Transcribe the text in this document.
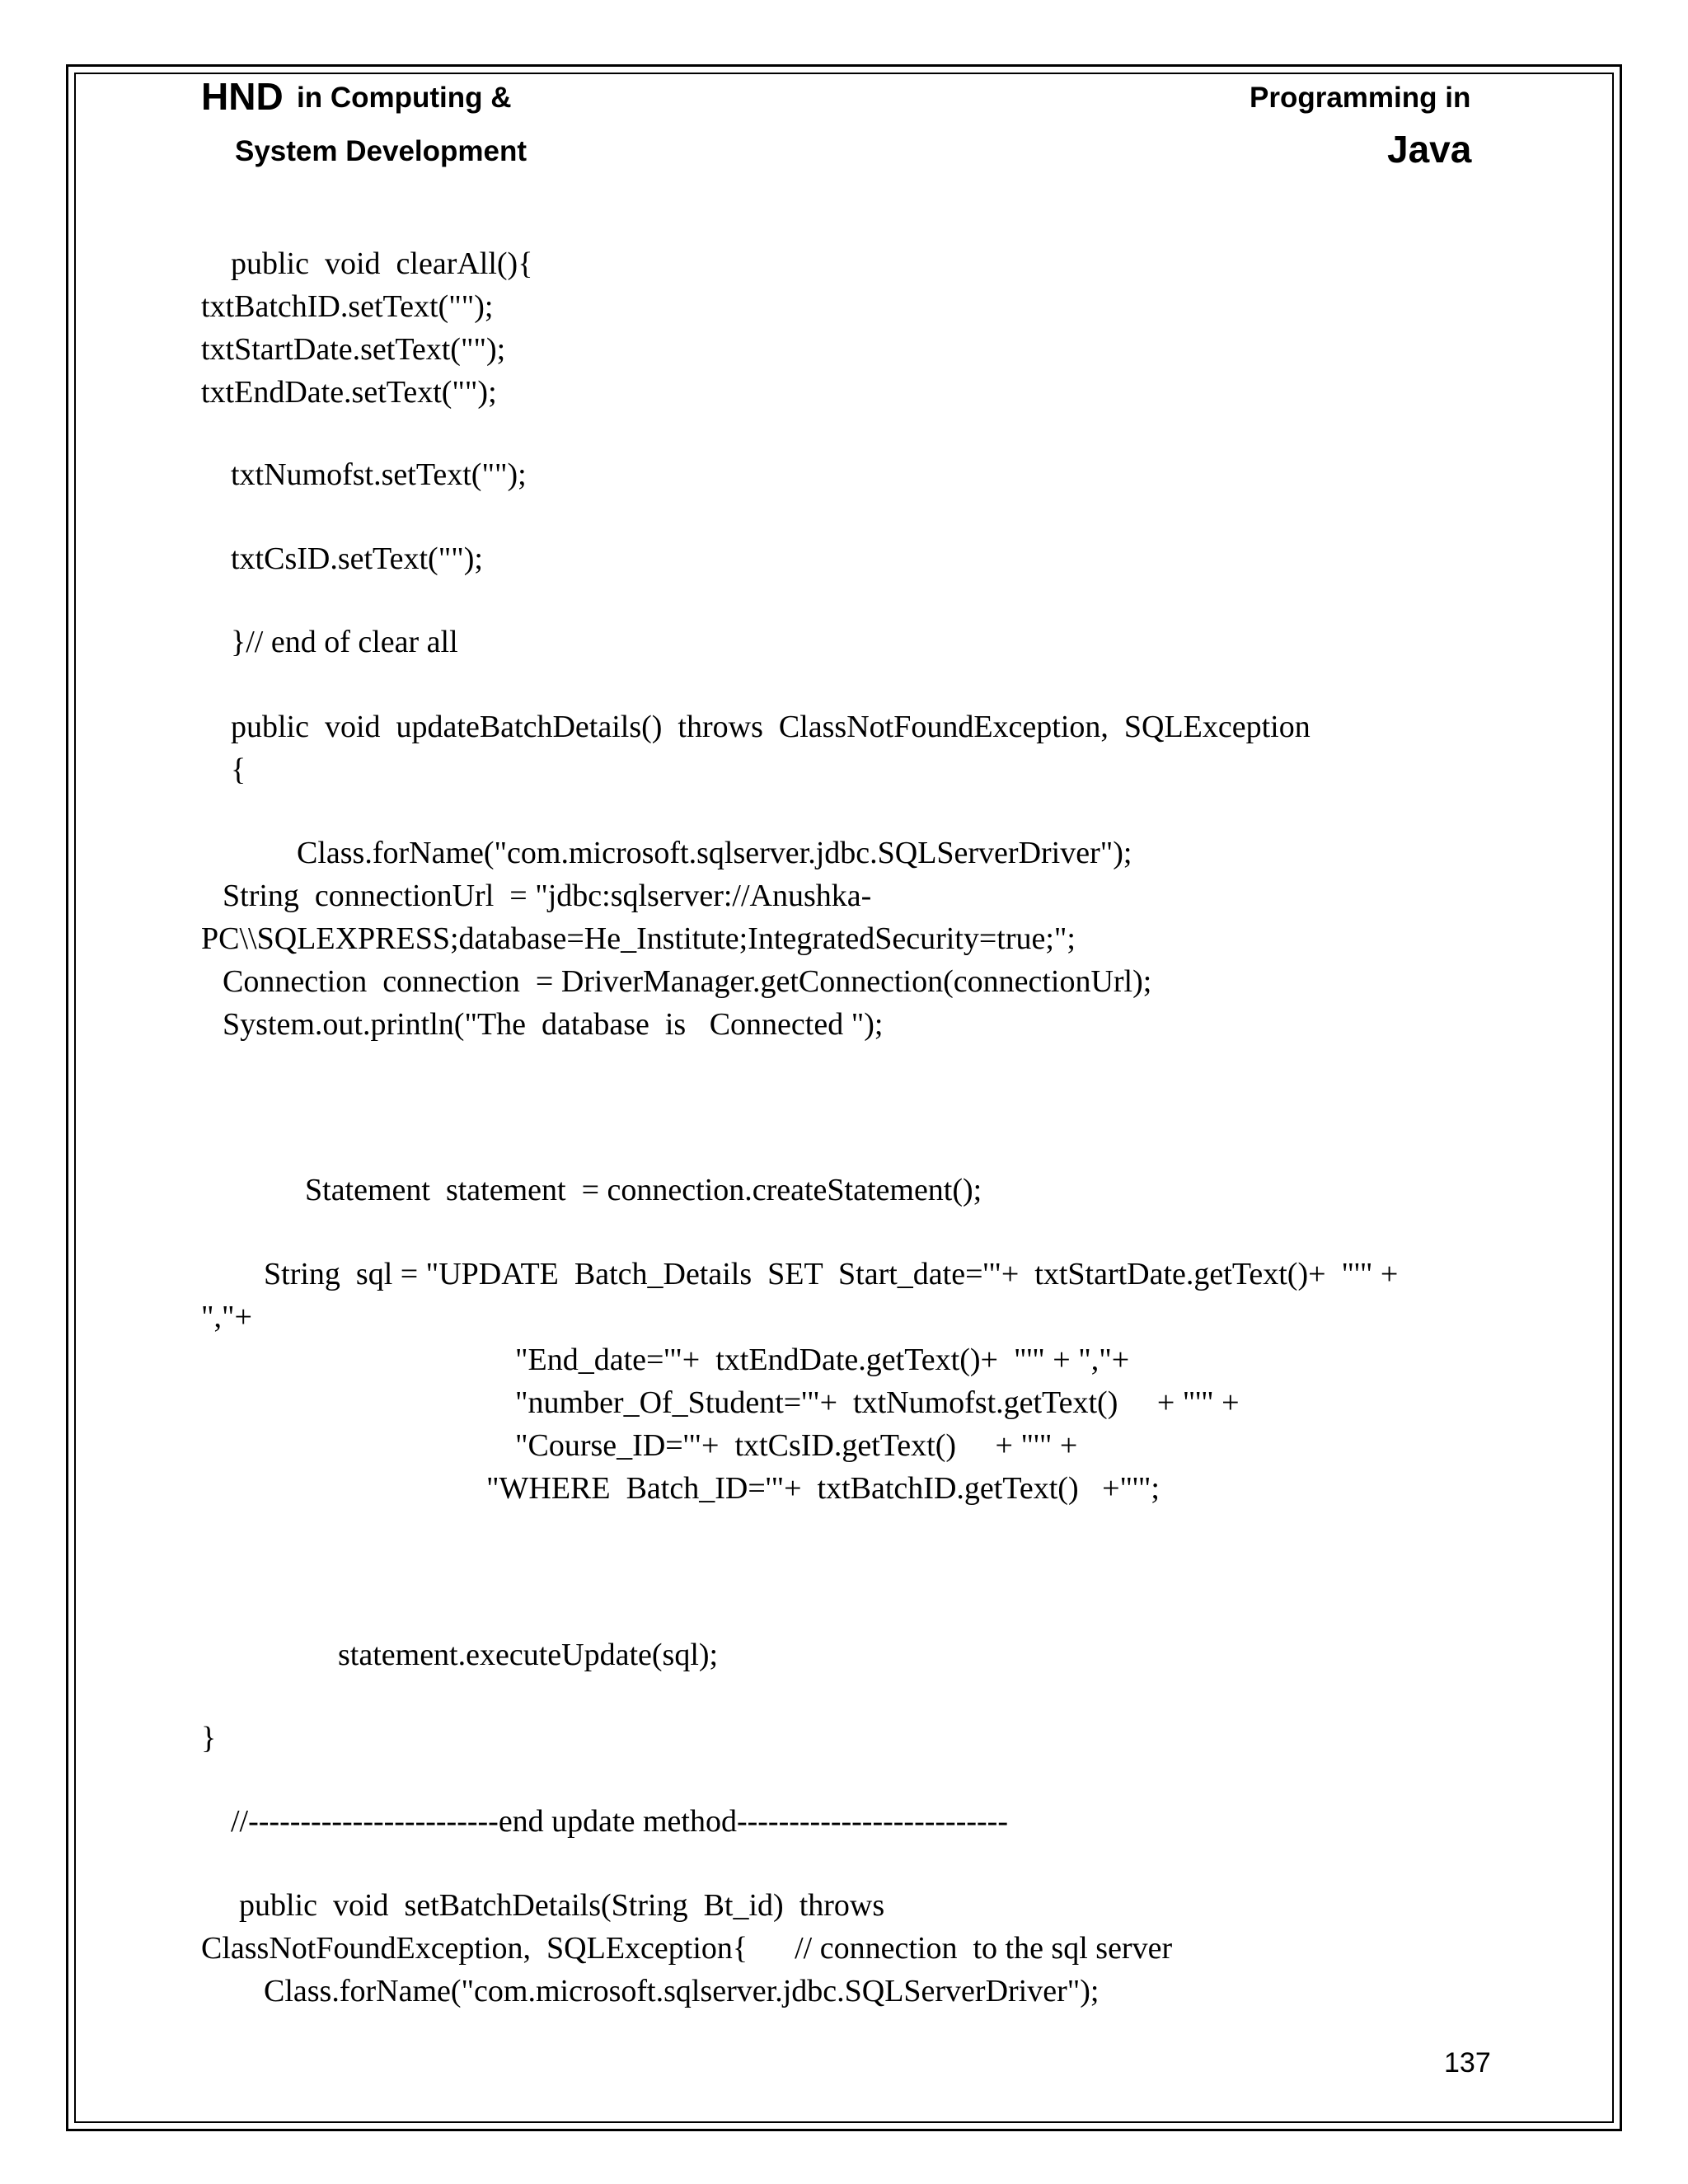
HND in Computing &
System Development
Programming in
Java
public  void  clearAll(){
txtBatchID.setText("");
txtStartDate.setText("");
txtEndDate.setText("");
txtNumofst.setText("");
txtCsID.setText("");
}// end of clear all
public  void  updateBatchDetails()  throws  ClassNotFoundException,  SQLException
{
Class.forName("com.microsoft.sqlserver.jdbc.SQLServerDriver");
String  connectionUrl  = "jdbc:sqlserver://Anushka-
PC\\SQLEXPRESS;database=He_Institute;IntegratedSecurity=true;";
Connection  connection  = DriverManager.getConnection(connectionUrl);
System.out.println("The  database  is   Connected ");
Statement  statement  = connection.createStatement();
String  sql = "UPDATE  Batch_Details  SET  Start_date='"+  txtStartDate.getText()+  "'" +
","+
"End_date='"+  txtEndDate.getText()+  "'" + ","+
"number_Of_Student='"+  txtNumofst.getText()     + "'" +
"Course_ID='"+  txtCsID.getText()     + "'" +
"WHERE  Batch_ID='"+  txtBatchID.getText()   +"'";
statement.executeUpdate(sql);
}
//------------------------end update method--------------------------
public  void  setBatchDetails(String  Bt_id)  throws
ClassNotFoundException,  SQLException{      // connection  to the sql server
Class.forName("com.microsoft.sqlserver.jdbc.SQLServerDriver");
137
